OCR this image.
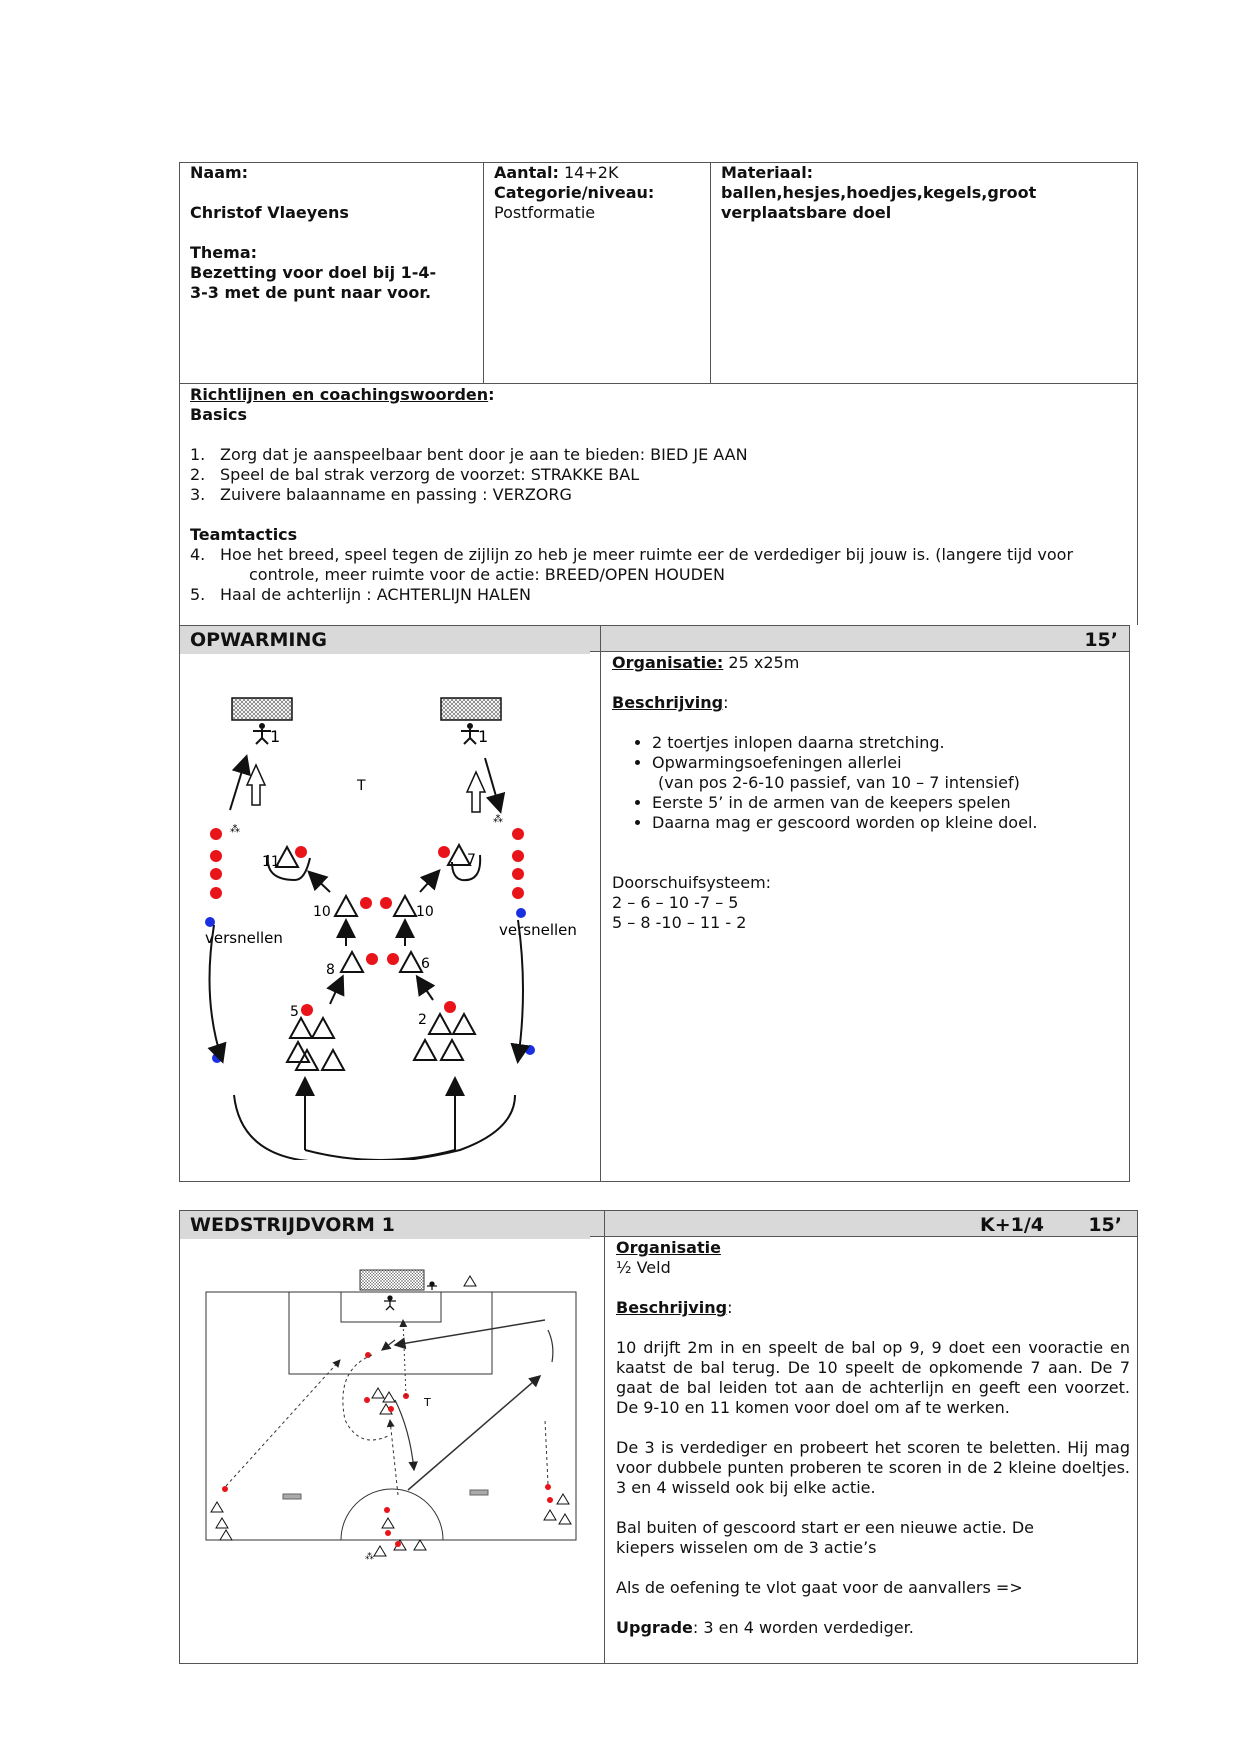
Naam:
Christof Vlaeyens
Thema:
Bezetting voor doel bij 1-4-3-3 met de punt naar voor.
Aantal: 14+2K
Categorie/niveau:
Postformatie
Materiaal:
ballen,hesjes,hoedjes,kegels,groot verplaatsbare doel
Richtlijnen en coachingswoorden:
Basics
1. Zorg dat je aanspeelbaar bent door je aan te bieden: BIED JE AAN
2. Speel de bal strak verzorg de voorzet: STRAKKE BAL
3. Zuivere balaanname en passing : VERZORG
Teamtactics
4. Hoe het breed, speel tegen de zijlijn zo heb je meer ruimte eer de verdediger bij jouw is. (langere tijd voor
controle, meer ruimte voor de actie: BREED/OPEN HOUDEN
5. Haal de achterlijn : ACHTERLIJN HALEN
OPWARMING	15’
1	1
T
⁂
⁂
versnellen	versnellen
11	7
10	10
8	6
5	2
Organisatie: 25 x25m
Beschrijving:
• 2 toertjes inlopen daarna stretching.
• Opwarmingsoefeningen allerlei
(van pos 2-6-10 passief, van 10 – 7 intensief)
• Eerste 5’ in de armen van de keepers spelen
• Daarna mag er gescoord worden op kleine doel.
Doorschuifsysteem:
2 – 6 – 10 -7 – 5
5 – 8 -10 – 11 - 2
WEDSTRIJDVORM 1	K+1/4	15’
T
⁂
Organisatie
½ Veld
Beschrijving:

10 drijft 2m in en speelt de bal op 9, 9 doet een vooractie en kaatst de bal terug. De 10 speelt de opkomende 7 aan. De 7 gaat de bal leiden tot aan de achterlijn en geeft een voorzet. De 9-10 en 11 komen voor doel om af te werken.

De 3 is verdediger en probeert het scoren te beletten. Hij mag voor dubbele punten proberen te scoren in de 2 kleine doeltjes. 3 en 4 wisseld ook bij elke actie.

Bal buiten of gescoord start er een nieuwe actie. De kiepers wisselen om de 3 actie’s

Als de oefening te vlot gaat voor de aanvallers =>

Upgrade: 3 en 4 worden verdediger.
